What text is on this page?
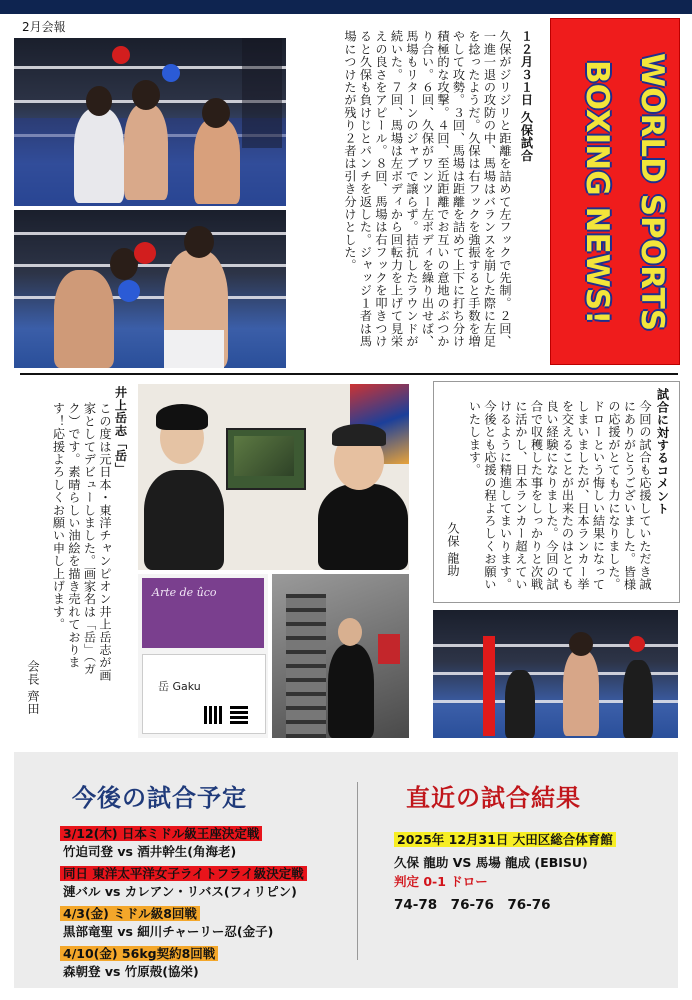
2月会報
１２月３１日 久保試合
久保がジリジリと距離を詰めて左フックで先制。２回、一進一退の攻防の中、馬場はバランスを崩した際に左足を捻ったようだ。久保は右フックを強振すると手数を増やして攻勢。３回、馬場は距離を詰めて上下に打ち分け積極的な攻撃。４回、至近距離でお互いの意地のぶつかり合い。６回、久保がワンツー左ボディを繰り出せば、馬場もリターンのジャブで譲らず。拮抗したラウンドが続いた。７回、馬場は左ボディから回転力を上げて見栄えの良さをアピール。８回、馬場は右フックを叩きつけると久保も負けじとパンチを返した。ジャッジ１者は馬場につけたが残り２者は引き分けとした。	WORLD SPORTS BOXING NEWS!
井上岳志「岳」
この度は元日本・東洋チャンピオン井上岳志が画家としてデビューしました。画家名は「岳」（ガク）です。素晴らしい油絵を描き売れております！応援よろしくお願い申し上げます。
会長 齊田
Arte de ûco
岳 Gaku
試合に対するコメント
今回の試合も応援していただき誠にありがとうございました。皆様の応援がとても力になりました。ドローという悔しい結果になってしまいましたが、日本ランカー挙を交えることが出来たのはとても良い経験になりました。今回の試合で収穫した事をしっかりと次戦に活かし、日本ランカー超えていけるように精進してまいります。今後とも応援の程よろしくお願いいたします。
久保 龍助
今後の試合予定	直近の試合結果
3/12(木) 日本ミドル級王座決定戦
竹迫司登 vs 酒井幹生(角海老)
同日 東洋太平洋女子ライトフライ級決定戦
漣バル vs カレアン・リバス(フィリピン)
4/3(金) ミドル級8回戦
黒部竜聖 vs 細川チャーリー忍(金子)
4/10(金) 56kg契約8回戦
森朝登 vs 竹原殻(協栄)
2025年 12月31日 大田区総合体育館
久保 龍助 VS 馬場 龍成 (EBISU)
判定 0-1 ドロー
74-78　76-76　76-76
